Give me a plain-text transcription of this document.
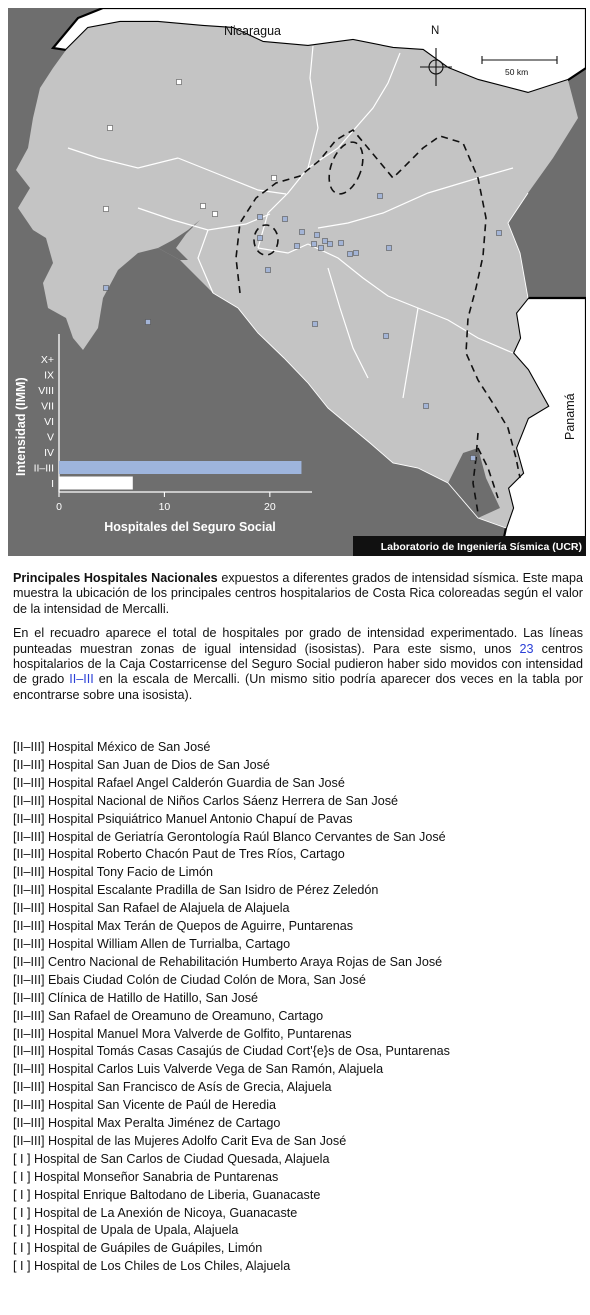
Nicaragua
Panamá
N
50 km
Laboratorio de Ingeniería Sísmica (UCR)
Intensidad (IMM)
Hospitales del Seguro Social
I
II–III
IV
V
VI
VII
VIII
IX
X+
0	10	20

Principales Hospitales Nacionales expuestos a diferentes grados de intensidad sísmica. Este mapa muestra la ubicación de los principales centros hospitalarios de Costa Rica coloreadas según el valor de la intensidad de Mercalli.

En el recuadro aparece el total de hospitales por grado de intensidad experimentado. Las líneas punteadas muestran zonas de igual intensidad (isosistas). Para este sismo, unos 23 centros hospitalarios de la Caja Costarricense del Seguro Social pudieron haber sido movidos con intensidad de grado II–III en la escala de Mercalli. (Un mismo sitio podría aparecer dos veces en la tabla por encontrarse sobre una isosista).

[II–III] Hospital México de San José
[II–III] Hospital San Juan de Dios de San José
[II–III] Hospital Rafael Angel Calderón Guardia de San José
[II–III] Hospital Nacional de Niños Carlos Sáenz Herrera de San José
[II–III] Hospital Psiquiátrico Manuel Antonio Chapuí de Pavas
[II–III] Hospital de Geriatría Gerontología Raúl Blanco Cervantes de San José
[II–III] Hospital Roberto Chacón Paut de Tres Ríos, Cartago
[II–III] Hospital Tony Facio de Limón
[II–III] Hospital Escalante Pradilla de San Isidro de Pérez Zeledón
[II–III] Hospital San Rafael de Alajuela de Alajuela
[II–III] Hospital Max Terán de Quepos de Aguirre, Puntarenas
[II–III] Hospital William Allen de Turrialba, Cartago
[II–III] Centro Nacional de Rehabilitación Humberto Araya Rojas de San José
[II–III] Ebais Ciudad Colón de Ciudad Colón de Mora, San José
[II–III] Clínica de Hatillo de Hatillo, San José
[II–III] San Rafael de Oreamuno de Oreamuno, Cartago
[II–III] Hospital Manuel Mora Valverde de Golfito, Puntarenas
[II–III] Hospital Tomás Casas Casajús de Ciudad Cort'{e}s de Osa, Puntarenas
[II–III] Hospital Carlos Luis Valverde Vega de San Ramón, Alajuela
[II–III] Hospital San Francisco de Asís de Grecia, Alajuela
[II–III] Hospital San Vicente de Paúl de Heredia
[II–III] Hospital Max Peralta Jiménez de Cartago
[II–III] Hospital de las Mujeres Adolfo Carit Eva de San José
[ I ] Hospital de San Carlos de Ciudad Quesada, Alajuela
[ I ] Hospital Monseñor Sanabria de Puntarenas
[ I ] Hospital Enrique Baltodano de Liberia, Guanacaste
[ I ] Hospital de La Anexión de Nicoya, Guanacaste
[ I ] Hospital de Upala de Upala, Alajuela
[ I ] Hospital de Guápiles de Guápiles, Limón
[ I ] Hospital de Los Chiles de Los Chiles, Alajuela
